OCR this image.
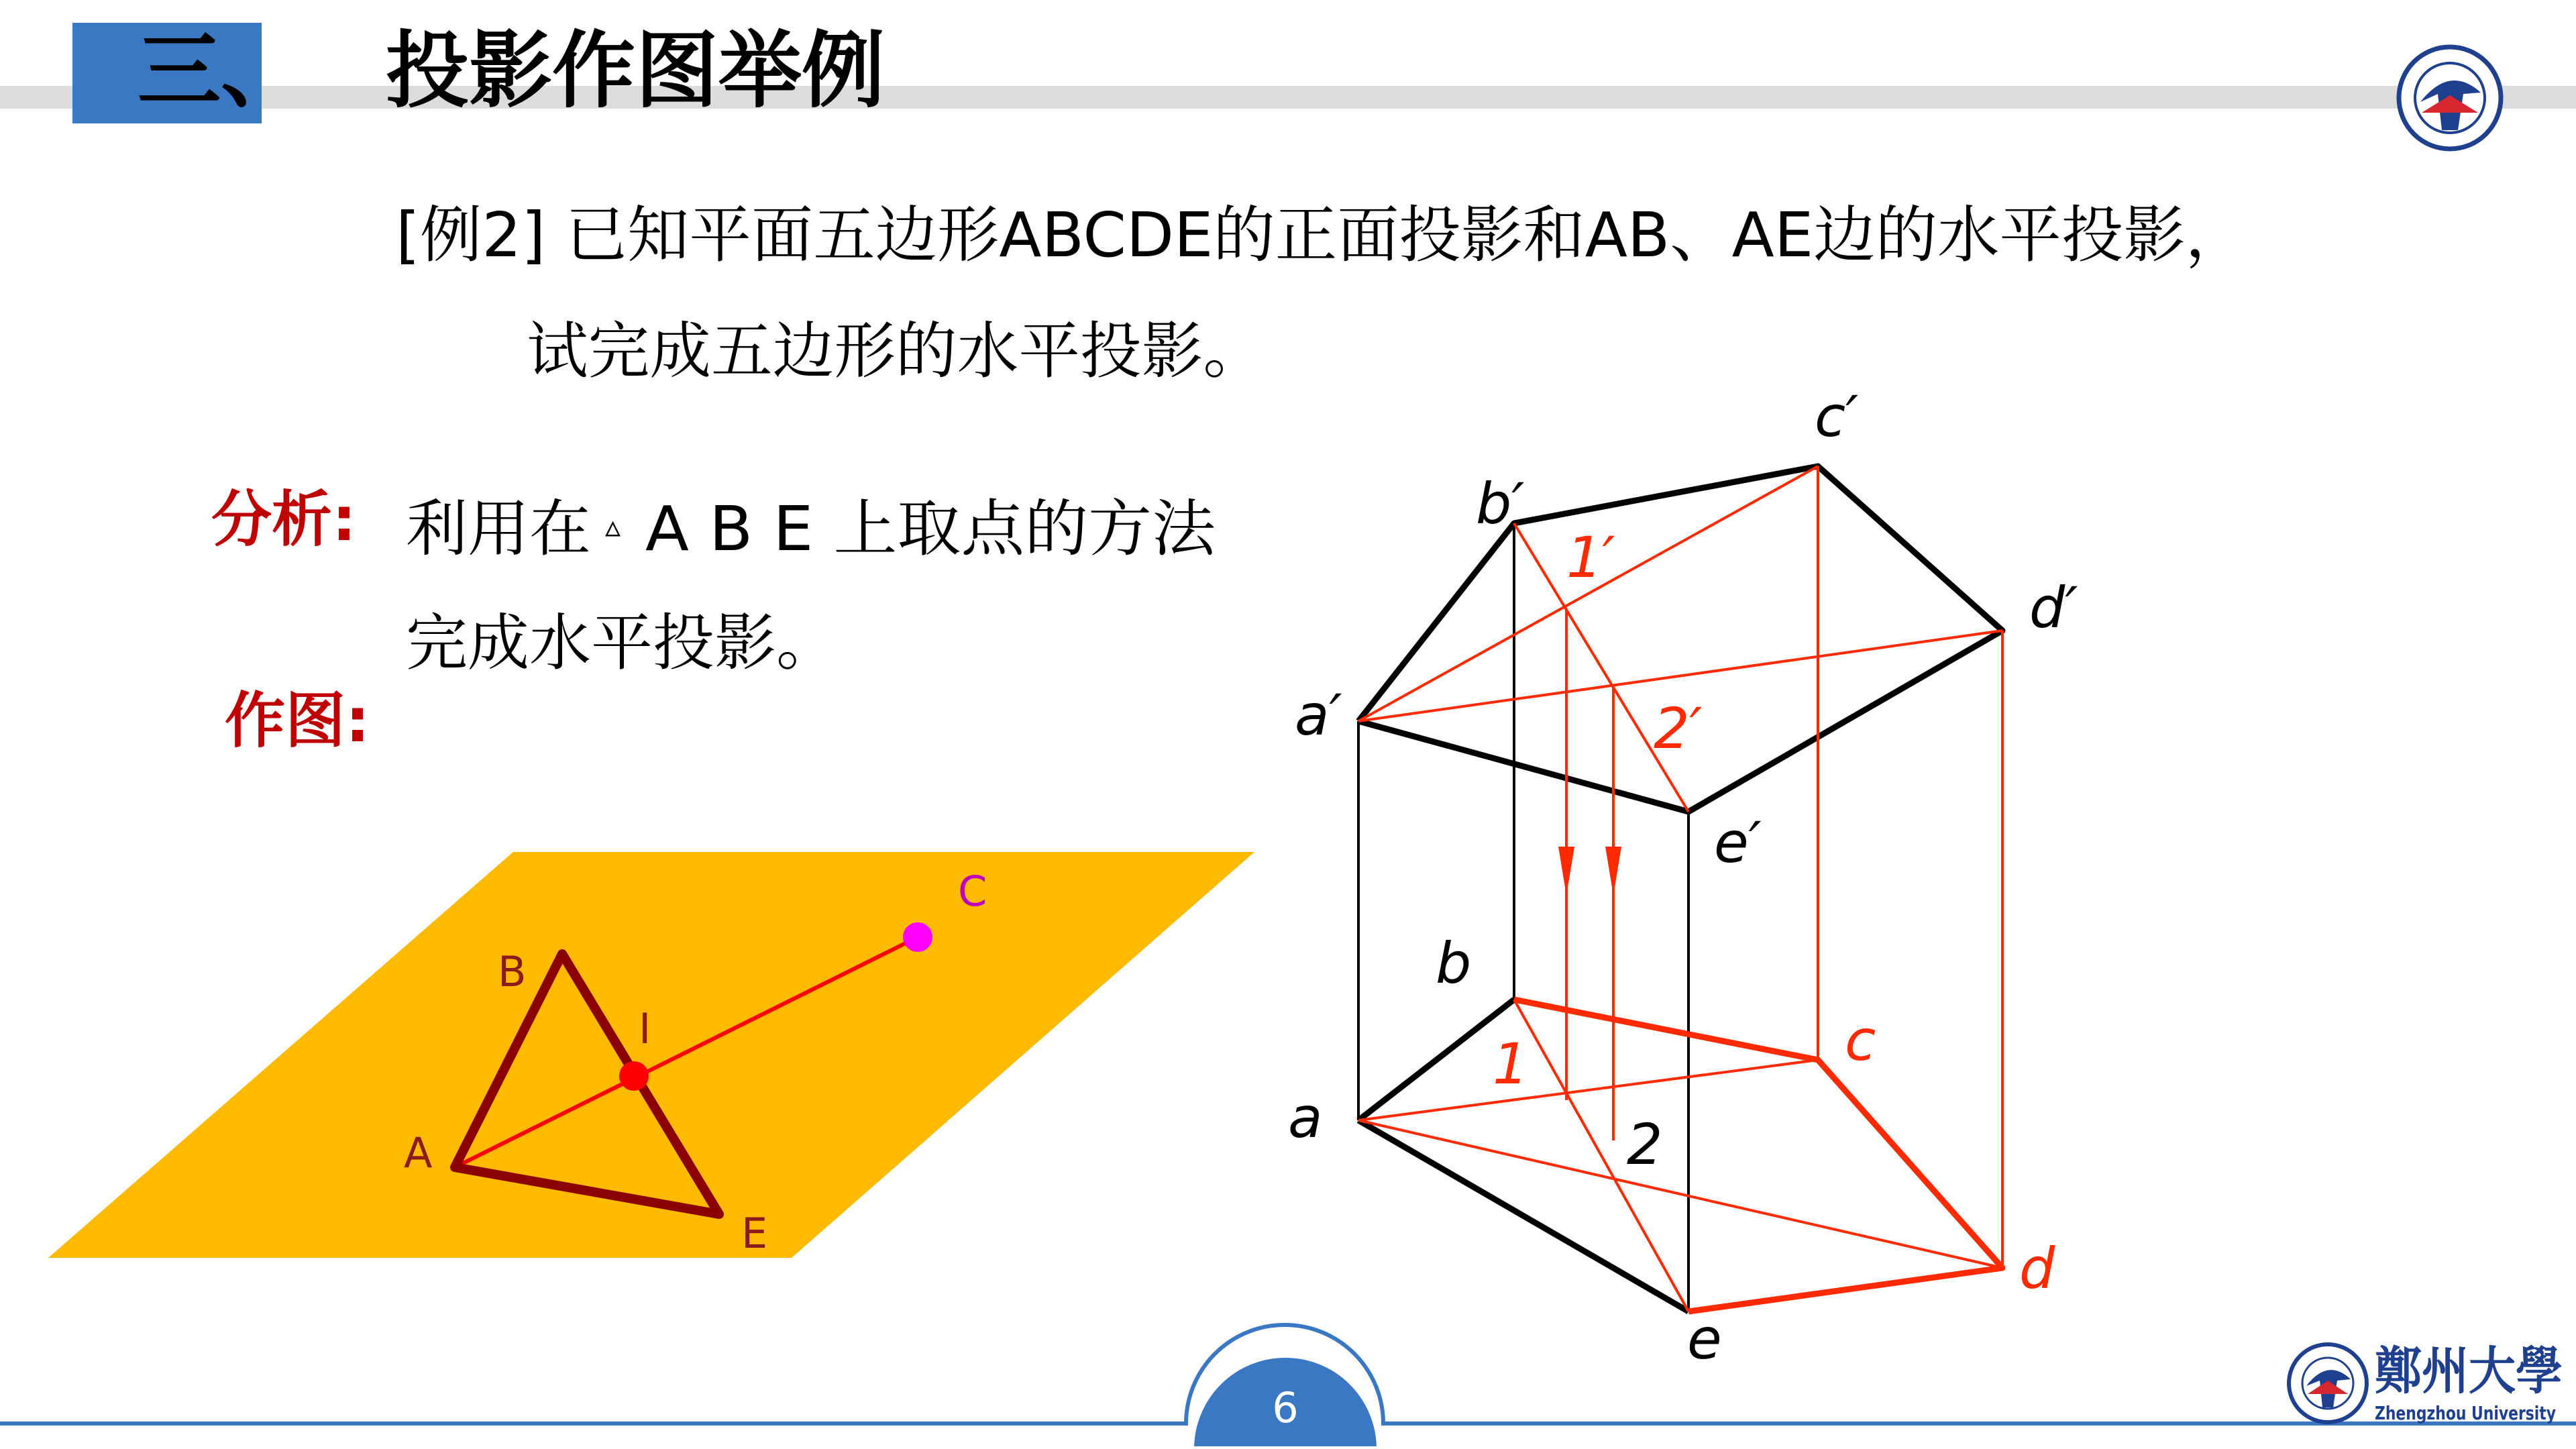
三、 投影作图举例
[例2] 已知平面五边形ABCDE的正面投影和AB、AE边的水平投影，
试完成五边形的水平投影。
分析: 利用在 ▵ A B E 上取点的方法
完成水平投影。
作图:
B
A
E
I
C
c′
b′
d′
a′
e′
1′
2′
b
a
e
c
d
1
2
6
鄭州大學
Zhengzhou University
